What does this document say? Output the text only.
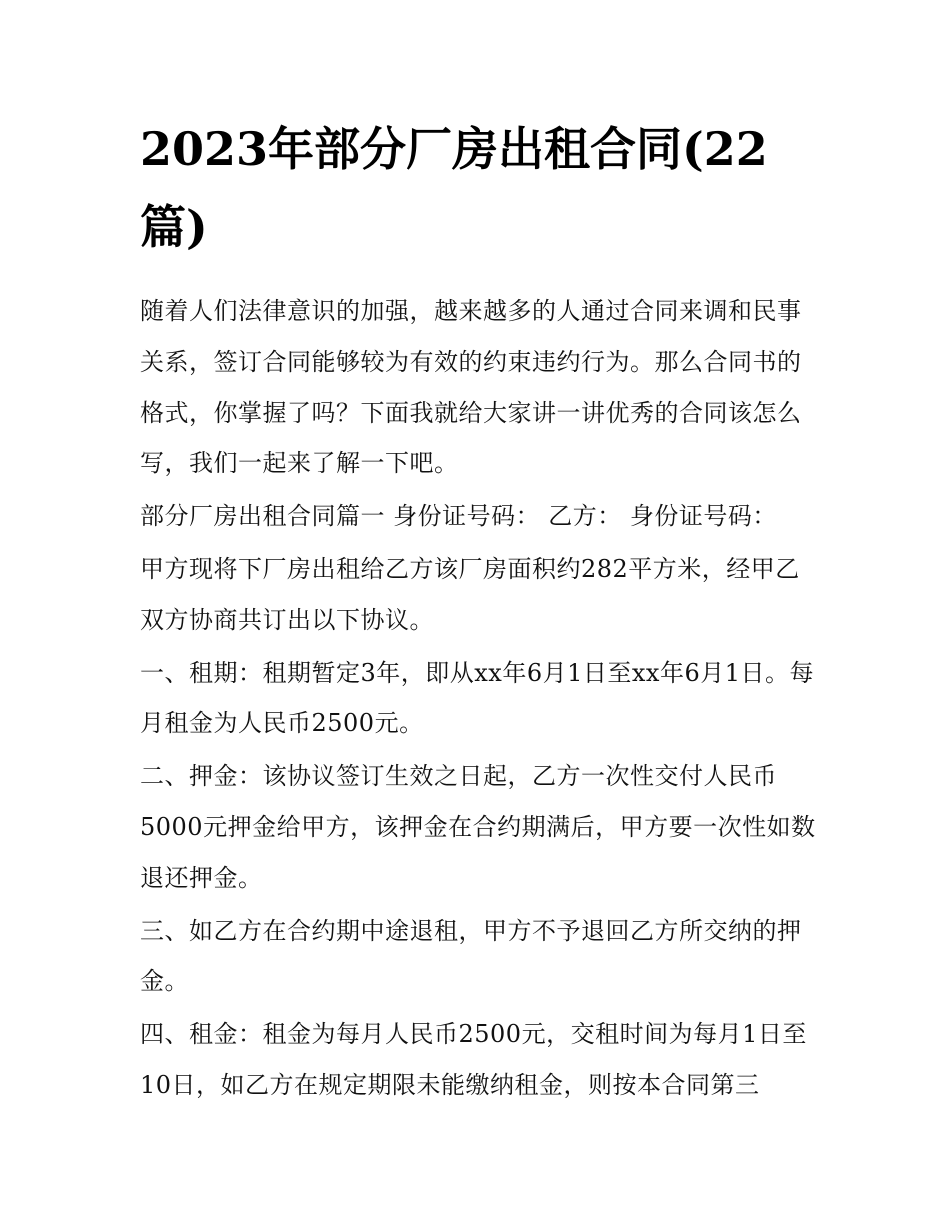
2023年部分厂房出租合同(22篇)

随着人们法律意识的加强，越来越多的人通过合同来调和民事关系，签订合同能够较为有效的约束违约行为。那么合同书的格式，你掌握了吗？下面我就给大家讲一讲优秀的合同该怎么写，我们一起来了解一下吧。

部分厂房出租合同篇一 身份证号码： 乙方： 身份证号码：

甲方现将下厂房出租给乙方该厂房面积约282平方米，经甲乙双方协商共订出以下协议。

一、租期：租期暂定3年，即从xx年6月1日至xx年6月1日。每月租金为人民币2500元。

二、押金：该协议签订生效之日起，乙方一次性交付人民币5000元押金给甲方，该押金在合约期满后，甲方要一次性如数退还押金。

三、如乙方在合约期中途退租，甲方不予退回乙方所交纳的押金。

四、租金：租金为每月人民币2500元，交租时间为每月1日至10日，如乙方在规定期限未能缴纳租金，则按本合同第三
